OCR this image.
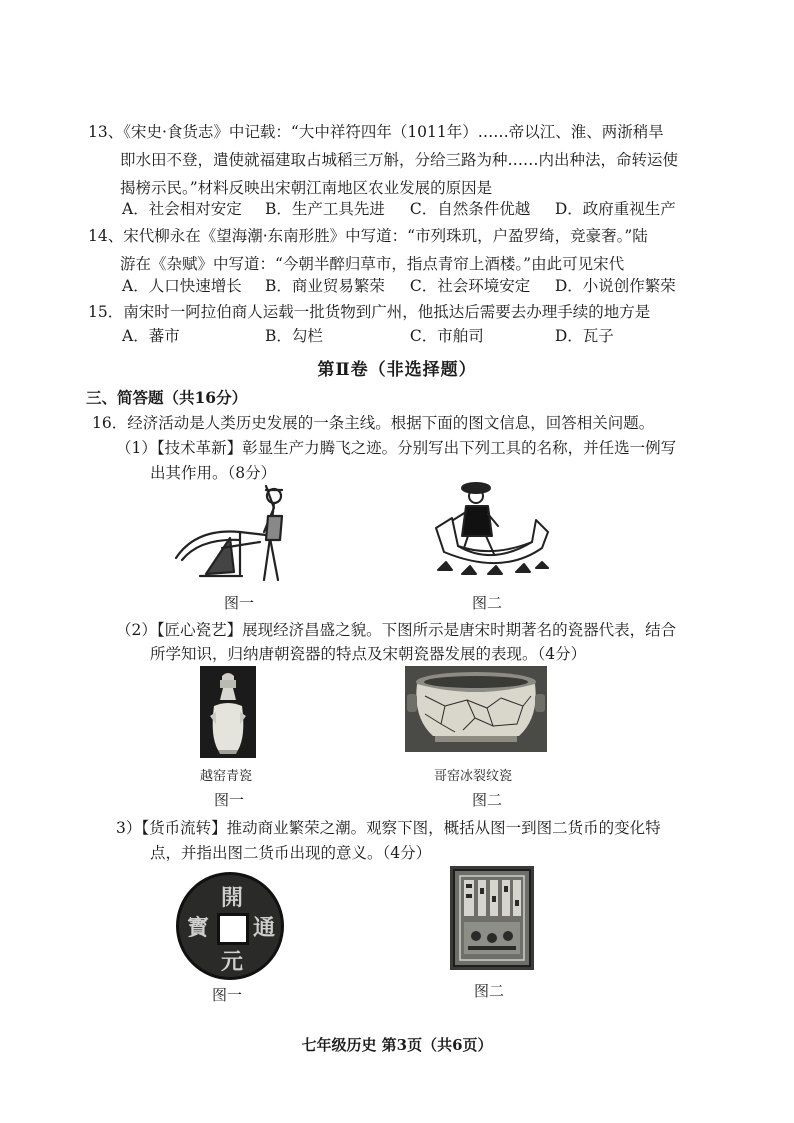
13、《宋史·食货志》中记载：“大中祥符四年（1011年）……帝以江、淮、两浙稍旱
即水田不登，遣使就福建取占城稻三万斛，分给三路为种……内出种法，命转运使
揭榜示民。”材料反映出宋朝江南地区农业发展的原因是
A．社会相对安定 B．生产工具先进 C．自然条件优越 D．政府重视生产
14、宋代柳永在《望海潮·东南形胜》中写道：“市列珠玑，户盈罗绮，竞豪奢。”陆
游在《杂赋》中写道：“今朝半醉归草市，指点青帘上酒楼。”由此可见宋代
A．人口快速增长 B．商业贸易繁荣 C．社会环境安定 D．小说创作繁荣
15．南宋时一阿拉伯商人运载一批货物到广州，他抵达后需要去办理手续的地方是
A．蕃市	B．勾栏	C．市舶司	D．瓦子
第Ⅱ卷（非选择题）
三、简答题（共16分）
16．经济活动是人类历史发展的一条主线。根据下面的图文信息，回答相关问题。
（1）【技术革新】彰显生产力腾飞之迹。分别写出下列工具的名称，并任选一例写
出其作用。（8分）
图一	图二
（2）【匠心瓷艺】展现经济昌盛之貌。下图所示是唐宋时期著名的瓷器代表，结合
所学知识，归纳唐朝瓷器的特点及宋朝瓷器发展的表现。（4分）
越窑青瓷	哥窑冰裂纹瓷
图一	图二
3）【货币流转】推动商业繁荣之潮。观察下图，概括从图一到图二货币的变化特
点，并指出图二货币出现的意义。（4分）
開
通
寳
元
图一	图二
七年级历史 第3页（共6页）
